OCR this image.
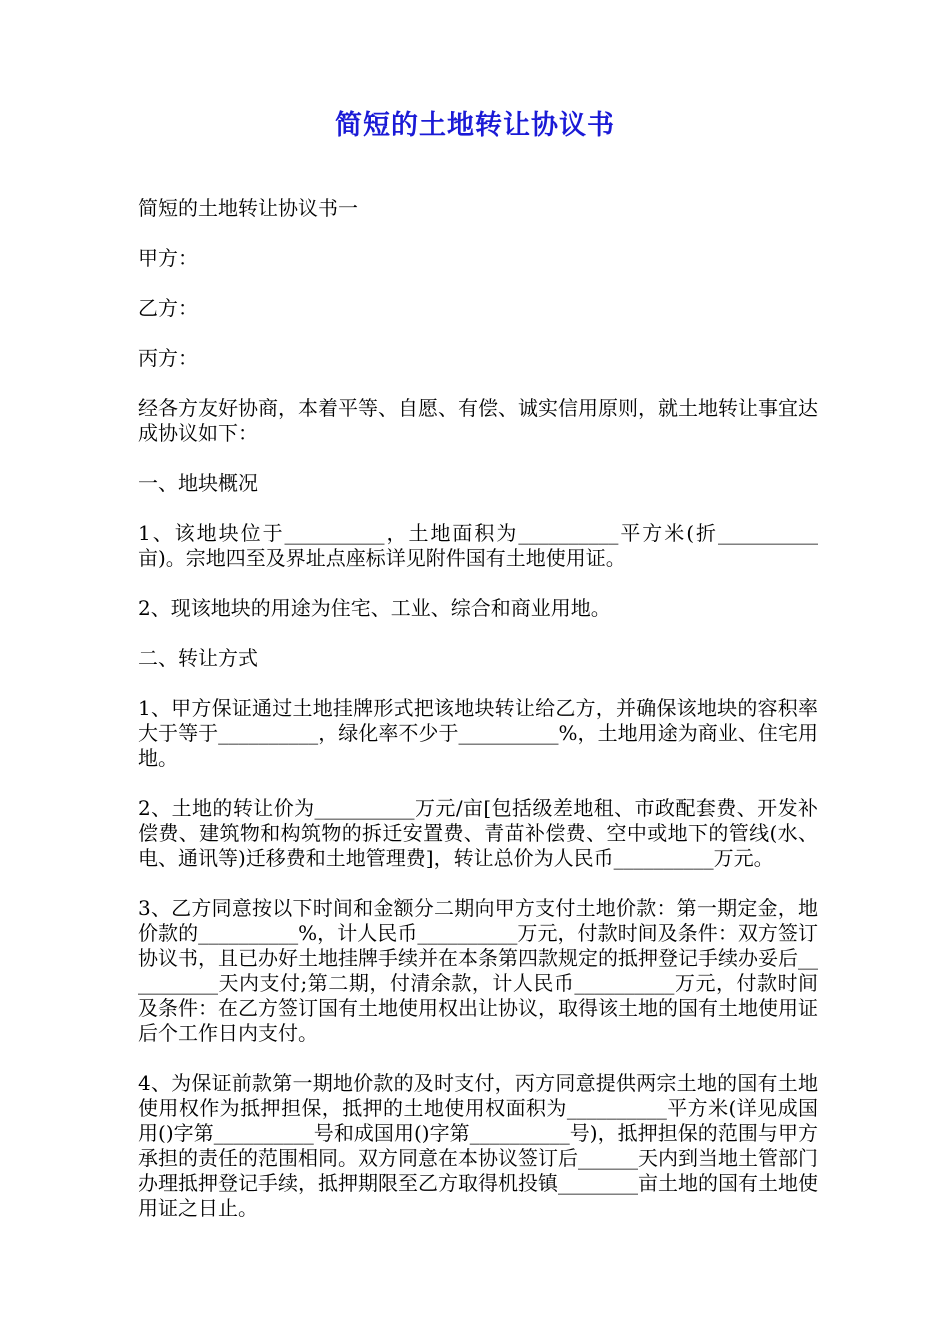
简短的土地转让协议书

简短的土地转让协议书一

甲方：

乙方：

丙方：

经各方友好协商，本着平等、自愿、有偿、诚实信用原则，就土地转让事宜达成协议如下：

一、地块概况

1、该地块位于__________，土地面积为__________平方米(折__________亩)。宗地四至及界址点座标详见附件国有土地使用证。

2、现该地块的用途为住宅、工业、综合和商业用地。

二、转让方式

1、甲方保证通过土地挂牌形式把该地块转让给乙方，并确保该地块的容积率大于等于__________，绿化率不少于__________%，土地用途为商业、住宅用地。

2、土地的转让价为__________万元/亩[包括级差地租、市政配套费、开发补偿费、建筑物和构筑物的拆迁安置费、青苗补偿费、空中或地下的管线(水、电、通讯等)迁移费和土地管理费]，转让总价为人民币__________万元。

3、乙方同意按以下时间和金额分二期向甲方支付土地价款：第一期定金，地价款的__________%，计人民币__________万元，付款时间及条件：双方签订协议书，且已办好土地挂牌手续并在本条第四款规定的抵押登记手续办妥后__________天内支付;第二期，付清余款，计人民币__________万元，付款时间及条件：在乙方签订国有土地使用权出让协议，取得该土地的国有土地使用证后个工作日内支付。

4、为保证前款第一期地价款的及时支付，丙方同意提供两宗土地的国有土地使用权作为抵押担保，抵押的土地使用权面积为__________平方米(详见成国用()字第__________号和成国用()字第__________号)，抵押担保的范围与甲方承担的责任的范围相同。双方同意在本协议签订后______天内到当地土管部门办理抵押登记手续，抵押期限至乙方取得机投镇________亩土地的国有土地使用证之日止。
